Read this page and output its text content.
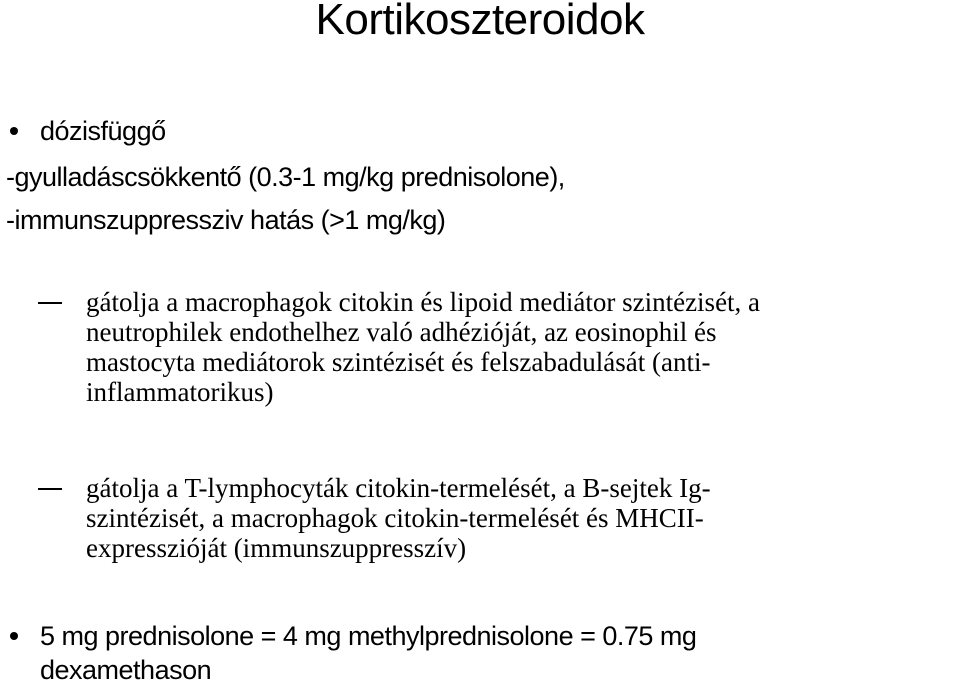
Kortikoszteroidok
dózisfüggő
-gyulladáscsökkentő (0.3-1 mg/kg prednisolone),
-immunszuppressziv hatás (>1 mg/kg)
gátolja a macrophagok citokin és lipoid mediátor szintézisét, a
neutrophilek endothelhez való adhézióját, az eosinophil és
mastocyta mediátorok szintézisét és felszabadulását (anti-
inflammatorikus)
gátolja a T-lymphocyták citokin-termelését, a B-sejtek Ig-
szintézisét, a macrophagok citokin-termelését és MHCII-
expresszióját (immunszuppresszív)
5 mg prednisolone = 4 mg methylprednisolone = 0.75 mg
dexamethason
